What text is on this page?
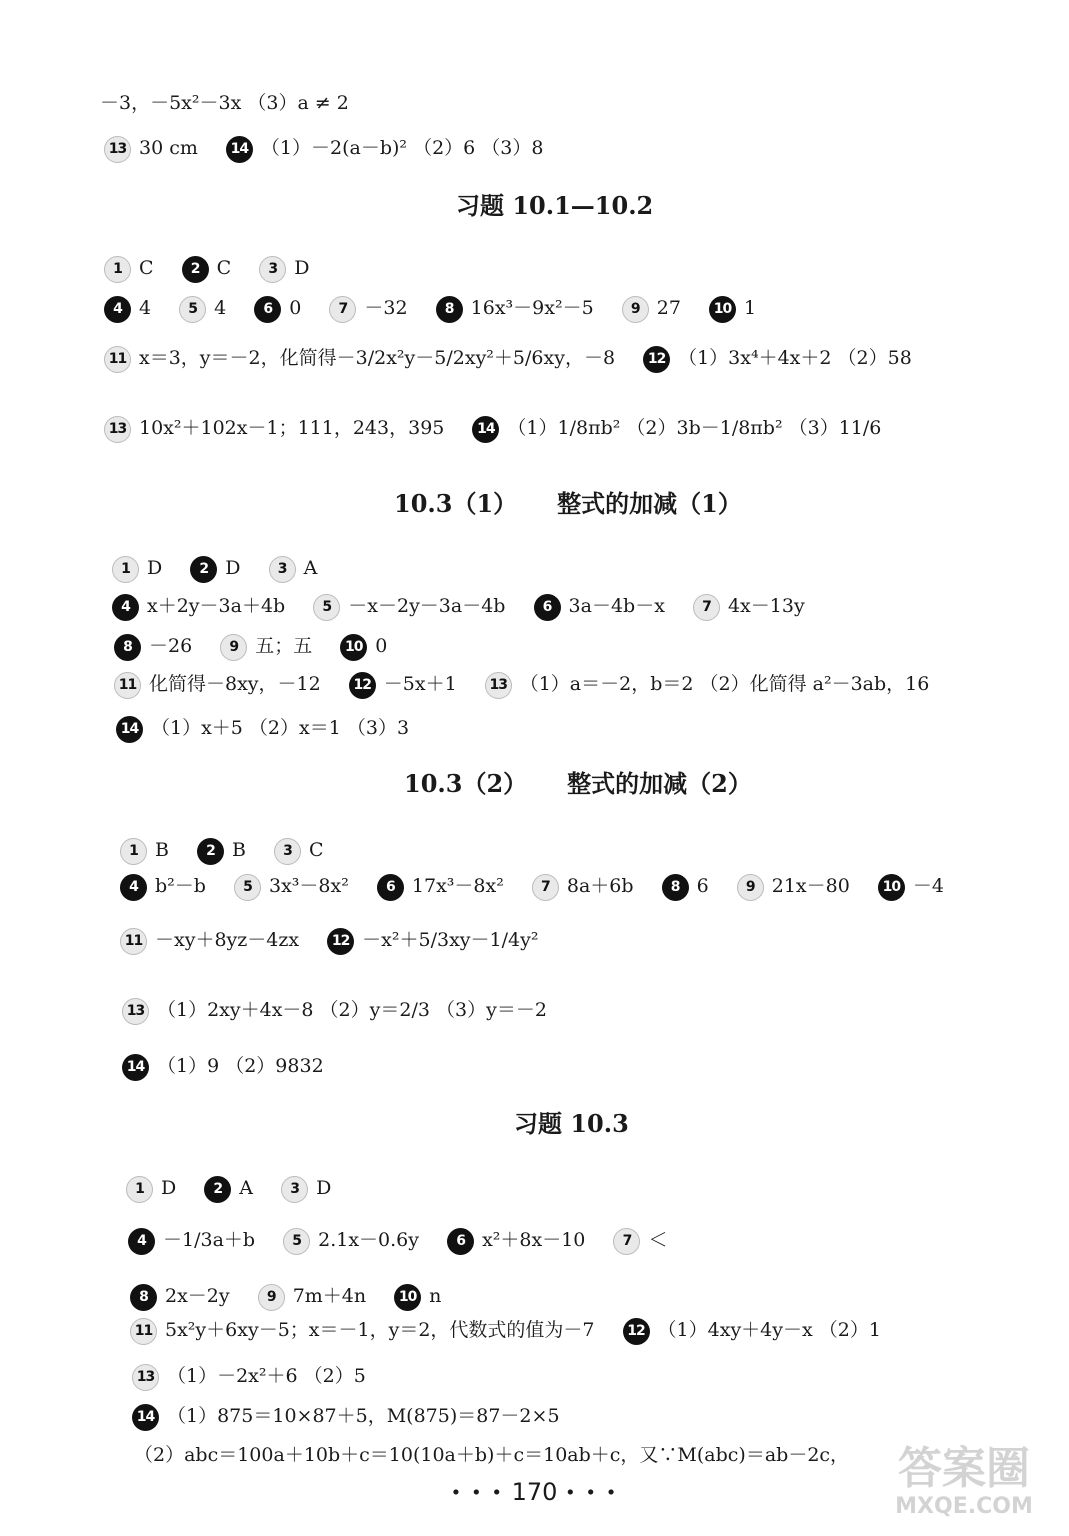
－3，－5x²－3x （3）a ≠ 2
13 30 cm 14 （1）－2(a－b)² （2）6 （3）8
习题 10.1—10.2
1 C	2 C	3 D
4 4	5 4	6 0	7 －32	8 16x³－9x²－5	9 27 10 1
11 x＝3，y＝－2，化简得－3/2x²y－5/2xy²＋5/6xy，－8 12 （1）3x⁴＋4x＋2 （2）58
13 10x²＋102x－1；111，243，395 14 （1）1/8πb² （2）3b－1/8πb² （3）11/6
10.3（1） 整式的加减（1）
1 D	2 D	3 A
4 x＋2y－3a＋4b	5 －x－2y－3a－4b	6 3a－4b－x	7 4x－13y
8 －26	9 五；五 10 0
11 化简得－8xy，－12 12 －5x＋1 13 （1）a＝－2，b＝2 （2）化简得 a²－3ab，16
14 （1）x＋5 （2）x＝1 （3）3
10.3（2） 整式的加减（2）
1 B	2 B	3 C
4 b²－b	5 3x³－8x²	6 17x³－8x²	7 8a＋6b	8 6	9 21x－80 10 －4
11 －xy＋8yz－4zx 12 －x²＋5/3xy－1/4y²
13 （1）2xy＋4x－8 （2）y＝2/3 （3）y＝－2
14 （1）9 （2）9832
习题 10.3
1 D	2 A	3 D
4 －1/3a＋b	5 2.1x－0.6y	6 x²＋8x－10	7 ＜
8 2x－2y	9 7m＋4n 10 n
11 5x²y＋6xy－5；x＝－1，y＝2，代数式的值为－7 12 （1）4xy＋4y－x （2）1
13 （1）－2x²＋6 （2）5
14 （1）875＝10×87＋5，M(875)＝87－2×5
（2）abc＝100a＋10b＋c＝10(10a＋b)＋c＝10ab＋c，又∵M(abc)＝ab－2c，
• • • 170 • • •	答案圈
MXQE.COM
